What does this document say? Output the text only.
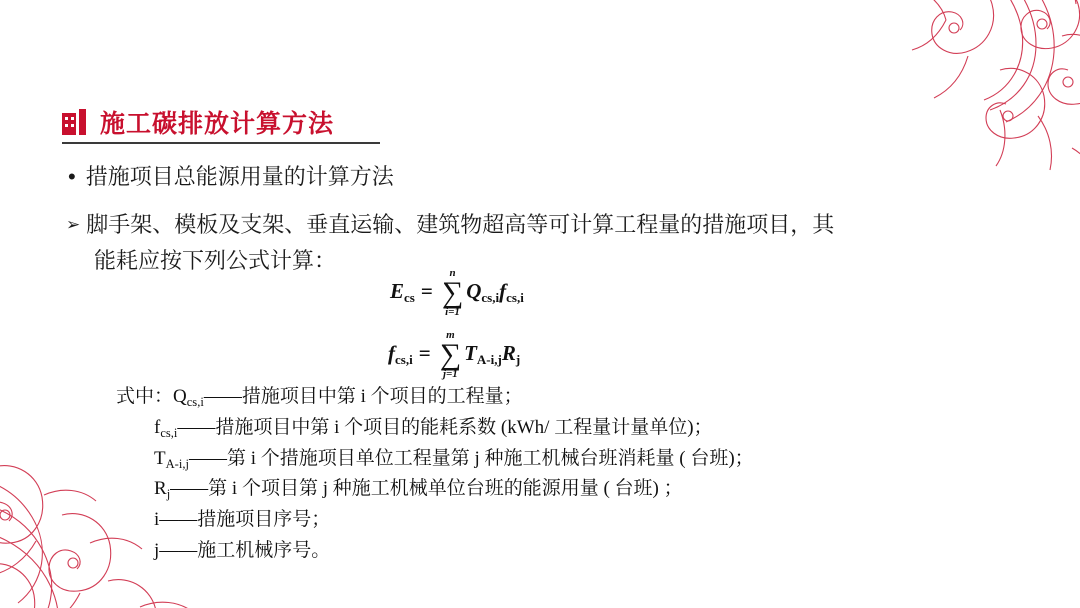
施工碳排放计算方法
• 措施项目总能源用量的计算方法
➢ 脚手架、模板及支架、垂直运输、建筑物超高等可计算工程量的措施项目，其
能耗应按下列公式计算：
$E_{cs}$ =
n
∑
i=1
$Q_{cs,i}f_{cs,i}$
$f_{cs,i}$ =
m
∑
j=1
$T_{A-i,j}R_j$
式中：Qcs,i——措施项目中第 i 个项目的工程量；
fcs,i——措施项目中第 i 个项目的能耗系数 (kWh/ 工程量计量单位)；
TA-i,j——第 i 个措施项目单位工程量第 j 种施工机械台班消耗量 ( 台班)；
Rj——第 i 个项目第 j 种施工机械单位台班的能源用量 ( 台班) ；
i——措施项目序号；
j——施工机械序号。
